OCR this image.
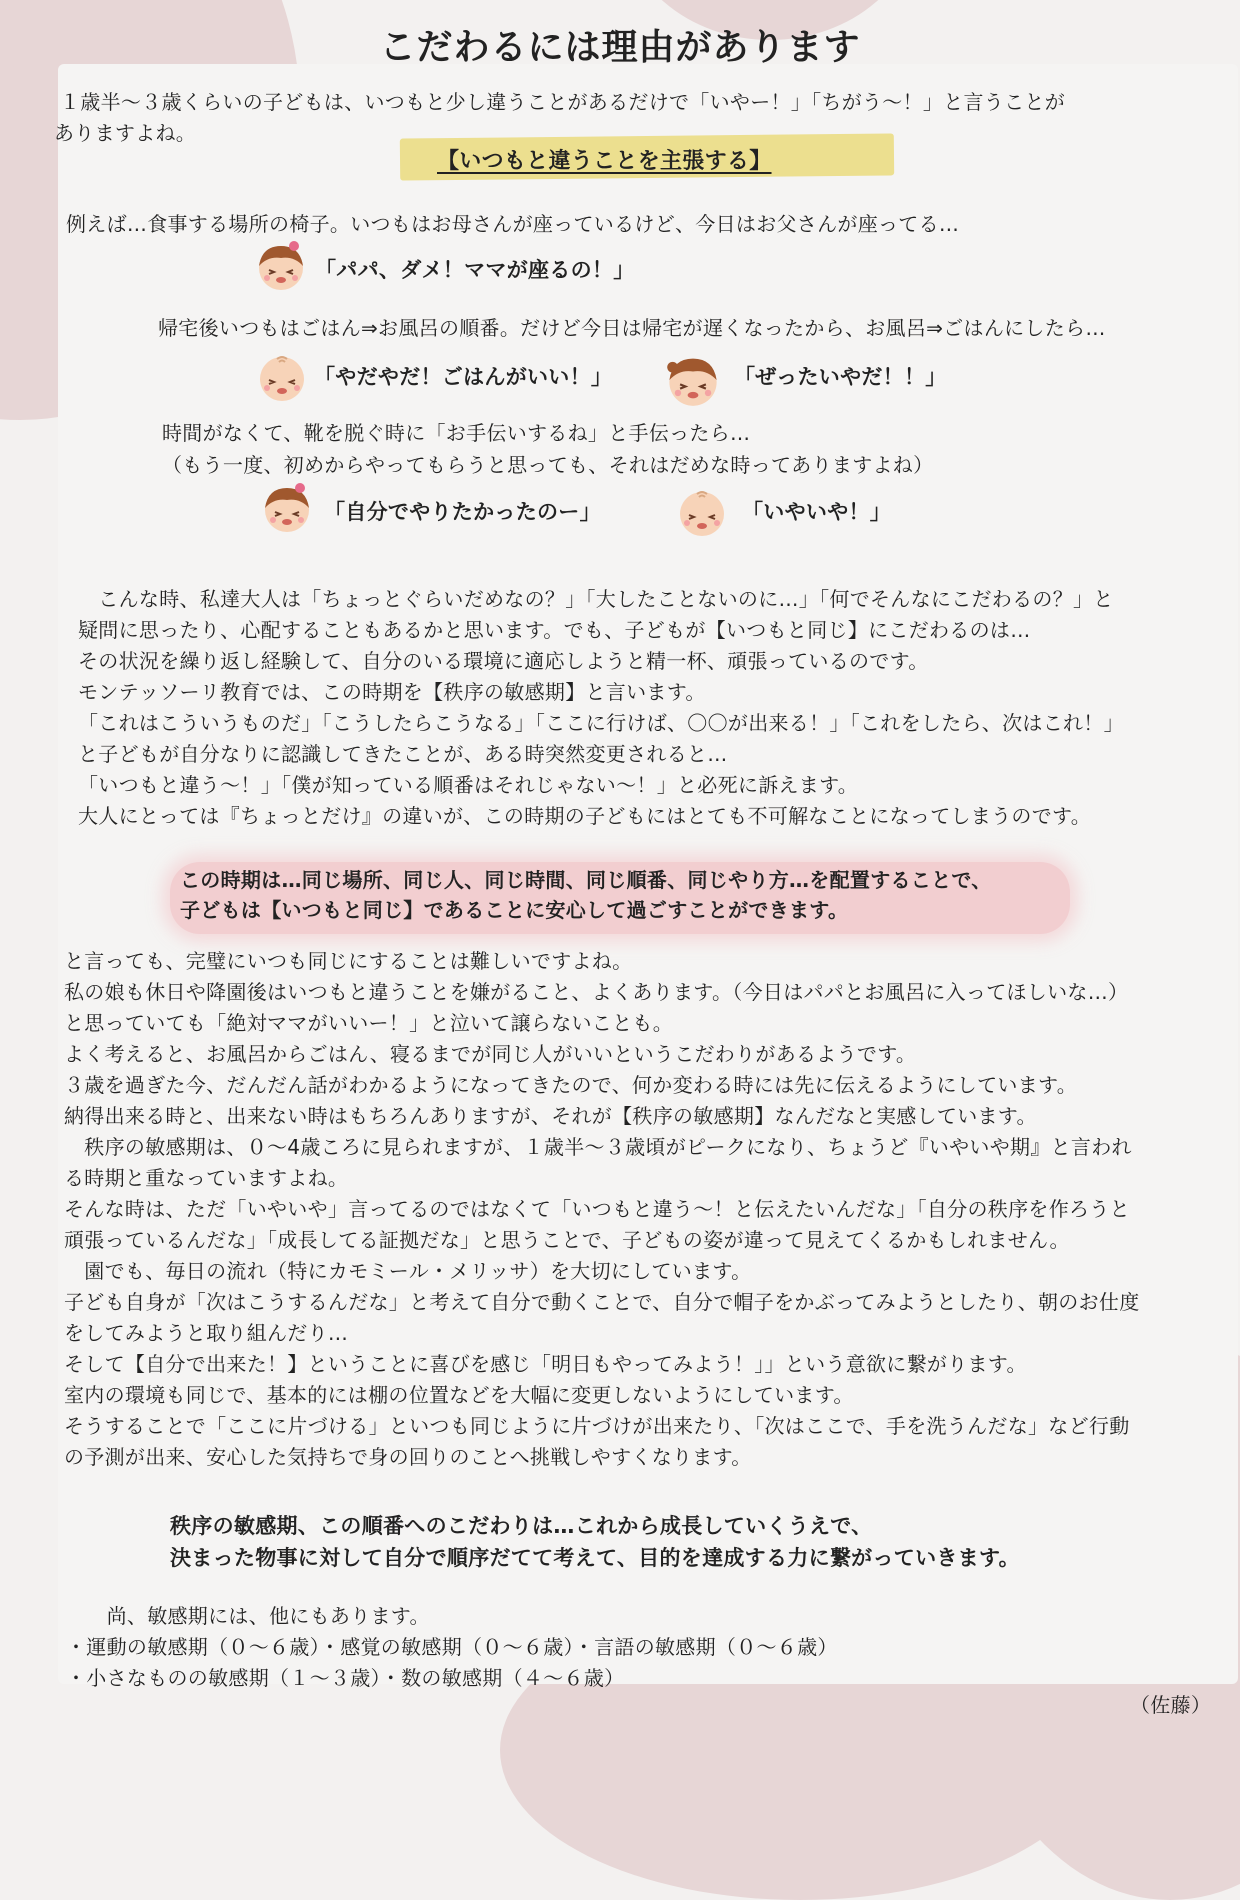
こだわるには理由があります
１歳半〜３歳くらいの子どもは、いつもと少し違うことがあるだけで「いやー！」「ちがう〜！」と言うことが
ありますよね。
【いつもと違うことを主張する】
例えば…食事する場所の椅子。いつもはお母さんが座っているけど、今日はお父さんが座ってる…
「パパ、ダメ！ママが座るの！」
帰宅後いつもはごはん⇒お風呂の順番。だけど今日は帰宅が遅くなったから、お風呂⇒ごはんにしたら…
「やだやだ！ごはんがいい！」	「ぜったいやだ！！」
時間がなくて、靴を脱ぐ時に「お手伝いするね」と手伝ったら…
（もう一度、初めからやってもらうと思っても、それはだめな時ってありますよね）
「自分でやりたかったのー」	「いやいや！」
　こんな時、私達大人は「ちょっとぐらいだめなの？」「大したことないのに…」「何でそんなにこだわるの？」と
疑問に思ったり、心配することもあるかと思います。でも、子どもが【いつもと同じ】にこだわるのは…
その状況を繰り返し経験して、自分のいる環境に適応しようと精一杯、頑張っているのです。
モンテッソーリ教育では、この時期を【秩序の敏感期】と言います。
「これはこういうものだ」「こうしたらこうなる」「ここに行けば、〇〇が出来る！」「これをしたら、次はこれ！」
と子どもが自分なりに認識してきたことが、ある時突然変更されると…
「いつもと違う〜！」「僕が知っている順番はそれじゃない〜！」と必死に訴えます。
大人にとっては『ちょっとだけ』の違いが、この時期の子どもにはとても不可解なことになってしまうのです。
この時期は…同じ場所、同じ人、同じ時間、同じ順番、同じやり方…を配置することで、
子どもは【いつもと同じ】であることに安心して過ごすことができます。
と言っても、完璧にいつも同じにすることは難しいですよね。
私の娘も休日や降園後はいつもと違うことを嫌がること、よくあります。（今日はパパとお風呂に入ってほしいな…）
と思っていても「絶対ママがいいー！」と泣いて譲らないことも。
よく考えると、お風呂からごはん、寝るまでが同じ人がいいというこだわりがあるようです。
３歳を過ぎた今、だんだん話がわかるようになってきたので、何か変わる時には先に伝えるようにしています。
納得出来る時と、出来ない時はもちろんありますが、それが【秩序の敏感期】なんだなと実感しています。
　秩序の敏感期は、０〜4歳ころに見られますが、１歳半〜３歳頃がピークになり、ちょうど『いやいや期』と言われ
る時期と重なっていますよね。
そんな時は、ただ「いやいや」言ってるのではなくて「いつもと違う〜！と伝えたいんだな」「自分の秩序を作ろうと
頑張っているんだな」「成長してる証拠だな」と思うことで、子どもの姿が違って見えてくるかもしれません。
　園でも、毎日の流れ（特にカモミール・メリッサ）を大切にしています。
子ども自身が「次はこうするんだな」と考えて自分で動くことで、自分で帽子をかぶってみようとしたり、朝のお仕度
をしてみようと取り組んだり…
そして【自分で出来た！】ということに喜びを感じ「明日もやってみよう！」」という意欲に繋がります。
室内の環境も同じで、基本的には棚の位置などを大幅に変更しないようにしています。
そうすることで「ここに片づける」といつも同じように片づけが出来たり、「次はここで、手を洗うんだな」など行動
の予測が出来、安心した気持ちで身の回りのことへ挑戦しやすくなります。
秩序の敏感期、この順番へのこだわりは…これから成長していくうえで、
決まった物事に対して自分で順序だてて考えて、目的を達成する力に繋がっていきます。
　　尚、敏感期には、他にもあります。
・運動の敏感期（０〜６歳）・感覚の敏感期（０〜６歳）・言語の敏感期（０〜６歳）
・小さなものの敏感期（１〜３歳）・数の敏感期（４〜６歳）
（佐藤）
